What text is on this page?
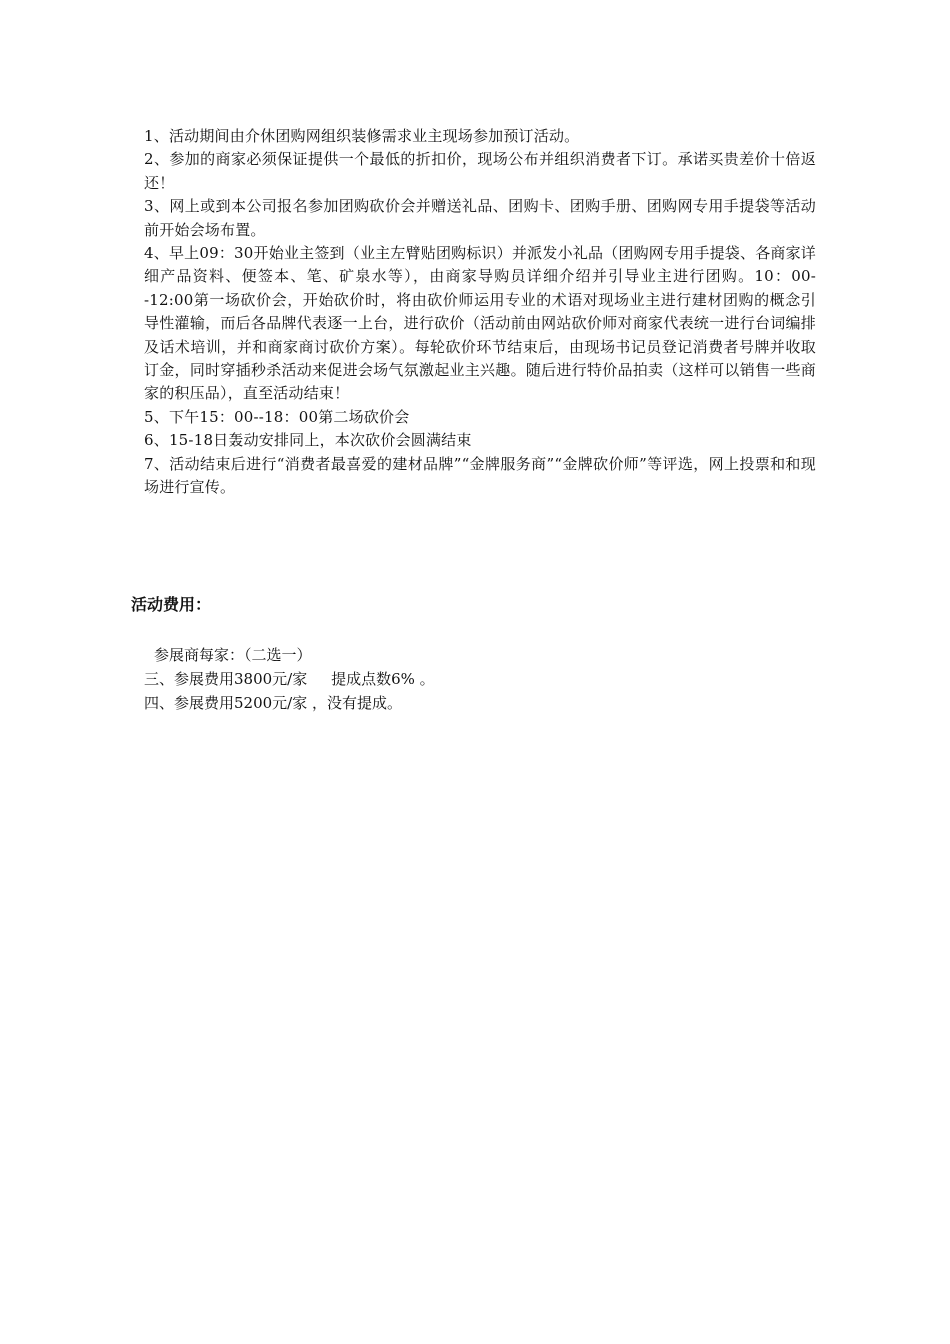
1、活动期间由介休团购网组织装修需求业主现场参加预订活动。

2、参加的商家必须保证提供一个最低的折扣价，现场公布并组织消费者下订。承诺买贵差价十倍返还！

3、网上或到本公司报名参加团购砍价会并赠送礼品、团购卡、团购手册、团购网专用手提袋等活动前开始会场布置。

4、早上09：30开始业主签到（业主左臂贴团购标识）并派发小礼品（团购网专用手提袋、各商家详细产品资料、便签本、笔、矿泉水等），由商家导购员详细介绍并引导业主进行团购。10：00--12:00第一场砍价会，开始砍价时，将由砍价师运用专业的术语对现场业主进行建材团购的概念引导性灌输，而后各品牌代表逐一上台，进行砍价（活动前由网站砍价师对商家代表统一进行台词编排及话术培训，并和商家商讨砍价方案）。每轮砍价环节结束后，由现场书记员登记消费者号牌并收取订金，同时穿插秒杀活动来促进会场气氛激起业主兴趣。随后进行特价品拍卖（这样可以销售一些商家的积压品），直至活动结束！

5、下午15：00--18：00第二场砍价会

6、15-18日轰动安排同上，本次砍价会圆满结束

7、活动结束后进行“消费者最喜爱的建材品牌”“金牌服务商”“金牌砍价师”等评选，网上投票和和现场进行宣传。

活动费用：

参展商每家：（二选一）

三、参展费用3800元/家     提成点数6% 。

四、参展费用5200元/家 ，没有提成。
